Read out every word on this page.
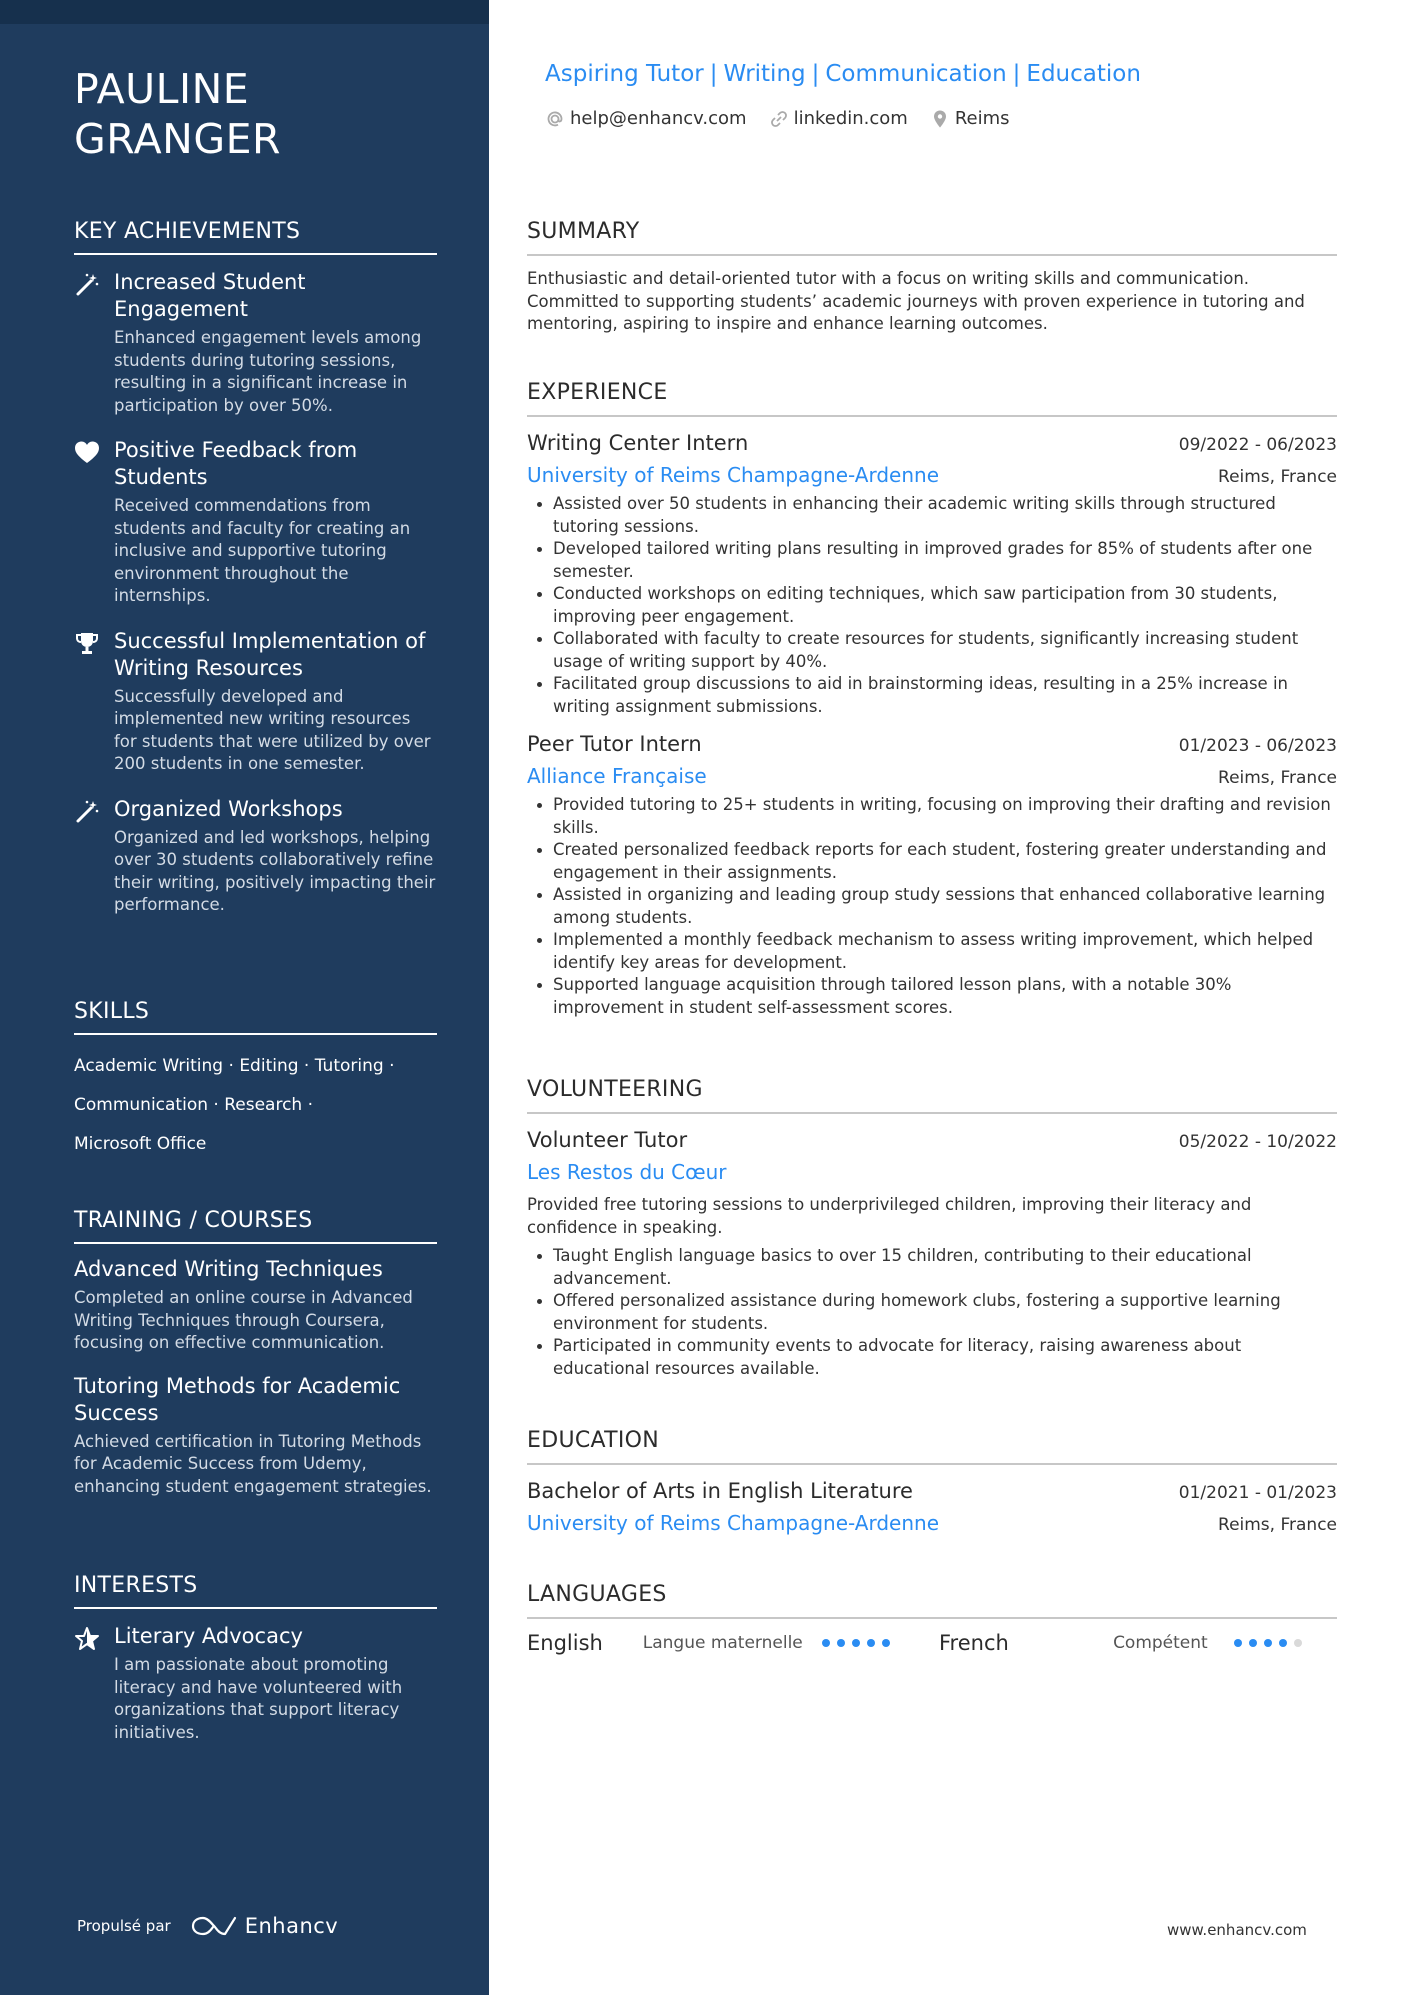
PAULINE GRANGER
KEY ACHIEVEMENTS
Increased Student Engagement
Enhanced engagement levels among students during tutoring sessions, resulting in a significant increase in participation by over 50%.
Positive Feedback from Students
Received commendations from students and faculty for creating an inclusive and supportive tutoring environment throughout the internships.
Successful Implementation of Writing Resources
Successfully developed and implemented new writing resources for students that were utilized by over 200 students in one semester.
Organized Workshops
Organized and led workshops, helping over 30 students collaboratively refine their writing, positively impacting their performance.
SKILLS
Academic Writing · Editing · Tutoring ·
Communication · Research ·
Microsoft Office
TRAINING / COURSES
Advanced Writing Techniques
Completed an online course in Advanced Writing Techniques through Coursera, focusing on effective communication.
Tutoring Methods for Academic Success
Achieved certification in Tutoring Methods for Academic Success from Udemy, enhancing student engagement strategies.
INTERESTS
Literary Advocacy
I am passionate about promoting literacy and have volunteered with organizations that support literacy initiatives.
Propulsé par	Enhancv
Aspiring Tutor | Writing | Communication | Education
help@enhancv.com	linkedin.com	Reims
SUMMARY
Enthusiastic and detail-oriented tutor with a focus on writing skills and communication. Committed to supporting students’ academic journeys with proven experience in tutoring and mentoring, aspiring to inspire and enhance learning outcomes.
EXPERIENCE
Writing Center Intern	09/2022 - 06/2023
University of Reims Champagne-Ardenne	Reims, France
Assisted over 50 students in enhancing their academic writing skills through structured tutoring sessions.
Developed tailored writing plans resulting in improved grades for 85% of students after one semester.
Conducted workshops on editing techniques, which saw participation from 30 students, improving peer engagement.
Collaborated with faculty to create resources for students, significantly increasing student usage of writing support by 40%.
Facilitated group discussions to aid in brainstorming ideas, resulting in a 25% increase in writing assignment submissions.
Peer Tutor Intern	01/2023 - 06/2023
Alliance Française	Reims, France
Provided tutoring to 25+ students in writing, focusing on improving their drafting and revision skills.
Created personalized feedback reports for each student, fostering greater understanding and engagement in their assignments.
Assisted in organizing and leading group study sessions that enhanced collaborative learning among students.
Implemented a monthly feedback mechanism to assess writing improvement, which helped identify key areas for development.
Supported language acquisition through tailored lesson plans, with a notable 30% improvement in student self-assessment scores.
VOLUNTEERING
Volunteer Tutor	05/2022 - 10/2022
Les Restos du Cœur
Provided free tutoring sessions to underprivileged children, improving their literacy and confidence in speaking.
Taught English language basics to over 15 children, contributing to their educational advancement.
Offered personalized assistance during homework clubs, fostering a supportive learning environment for students.
Participated in community events to advocate for literacy, raising awareness about educational resources available.
EDUCATION
Bachelor of Arts in English Literature	01/2021 - 01/2023
University of Reims Champagne-Ardenne	Reims, France
LANGUAGES
English	Langue maternelle	French	Compétent
www.enhancv.com
